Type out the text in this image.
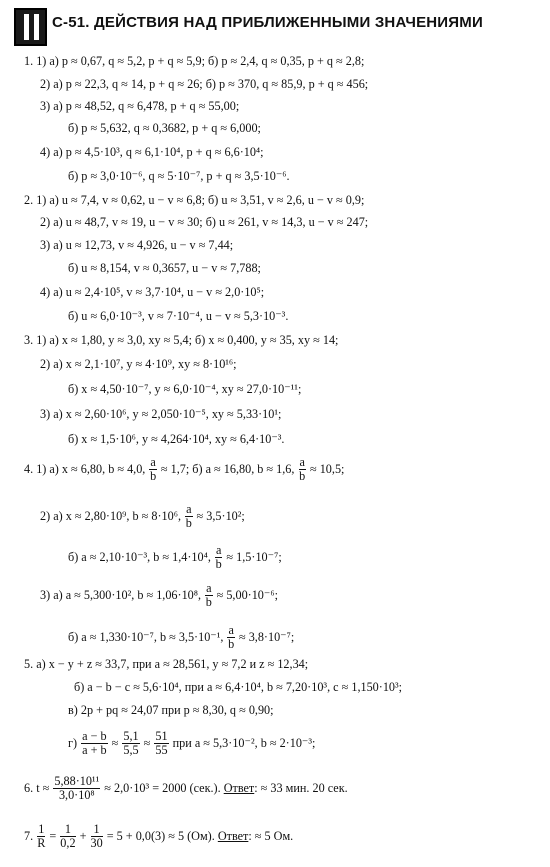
С-51. ДЕЙСТВИЯ НАД ПРИБЛИЖЕННЫМИ ЗНАЧЕНИЯМИ
1. 1) а) p ≈ 0,67, q ≈ 5,2, p + q ≈ 5,9; б) p ≈ 2,4, q ≈ 0,35, p + q ≈ 2,8;
2) а) p ≈ 22,3, q ≈ 14, p + q ≈ 26; б) p ≈ 370, q ≈ 85,9, p + q ≈ 456;
3) а) p ≈ 48,52, q ≈ 6,478, p + q ≈ 55,00;
б) p ≈ 5,632, q ≈ 0,3682, p + q ≈ 6,000;
4) а) p ≈ 4,5·10³, q ≈ 6,1·10⁴, p + q ≈ 6,6·10⁴;
б) p ≈ 3,0·10⁻⁶, q ≈ 5·10⁻⁷, p + q ≈ 3,5·10⁻⁶.
2. 1) а) u ≈ 7,4, v ≈ 0,62, u − v ≈ 6,8; б) u ≈ 3,51, v ≈ 2,6, u − v ≈ 0,9;
2) а) u ≈ 48,7, v ≈ 19, u − v ≈ 30; б) u ≈ 261, v ≈ 14,3, u − v ≈ 247;
3) а) u ≈ 12,73, v ≈ 4,926, u − v ≈ 7,44;
б) u ≈ 8,154, v ≈ 0,3657, u − v ≈ 7,788;
4) а) u ≈ 2,4·10⁵, v ≈ 3,7·10⁴, u − v ≈ 2,0·10⁵;
б) u ≈ 6,0·10⁻³, v ≈ 7·10⁻⁴, u − v ≈ 5,3·10⁻³.
3. 1) а) x ≈ 1,80, y ≈ 3,0, xy ≈ 5,4; б) x ≈ 0,400, y ≈ 35, xy ≈ 14;
2) а) x ≈ 2,1·10⁷, y ≈ 4·10⁹, xy ≈ 8·10¹⁶;
б) x ≈ 4,50·10⁻⁷, y ≈ 6,0·10⁻⁴, xy ≈ 27,0·10⁻¹¹;
3) а) x ≈ 2,60·10⁶, y ≈ 2,050·10⁻⁵, xy ≈ 5,33·10¹;
б) x ≈ 1,5·10⁶, y ≈ 4,264·10⁴, xy ≈ 6,4·10⁻³.
4. 1) а) x ≈ 6,80, b ≈ 4,0, $\frac{a}{b} \approx 1,7$; б) a ≈ 16,80, b ≈ 1,6, $\frac{a}{b} \approx 10,5$;
2) а) x ≈ 2,80·10⁹, b ≈ 8·10⁶, $\frac{a}{b} \approx 3,5\cdot 10^2$;
б) a ≈ 2,10·10⁻³, b ≈ 1,4·10⁴, $\frac{a}{b} \approx 1,5\cdot 10^{-7}$;
3) а) a ≈ 5,300·10², b ≈ 1,06·10⁸, $\frac{a}{b} \approx 5,00\cdot 10^{-6}$;
б) a ≈ 1,330·10⁻⁷, b ≈ 3,5·10⁻¹, $\frac{a}{b} \approx 3,8\cdot 10^{-7}$;
5. а) x − y + z ≈ 33,7, при a ≈ 28,561, y ≈ 7,2 и z ≈ 12,34;
б) a − b − c ≈ 5,6·10⁴, при a ≈ 6,4·10⁴, b ≈ 7,20·10³, c ≈ 1,150·10³;
в) 2p + pq ≈ 24,07 при p ≈ 8,30, q ≈ 0,90;
$г) \frac{a - b}{a + b} \approx \frac{5,1}{5,5} \approx \frac{51}{55}$ при a ≈ 5,3·10⁻², b ≈ 2·10⁻³;
6. $t \approx \frac{\text{5,88·10¹¹}}{\text{3,0·10⁸}} \approx 2,0\cdot 10^3 = 2000$ (сек.). Ответ: ≈ 33 мин. 20 сек.
7. $\frac{1}{R} = \frac{1}{0,2} + \frac{1}{30} = 5 + 0,0(3) \approx 5$ (Ом). Ответ: ≈ 5 Ом.
